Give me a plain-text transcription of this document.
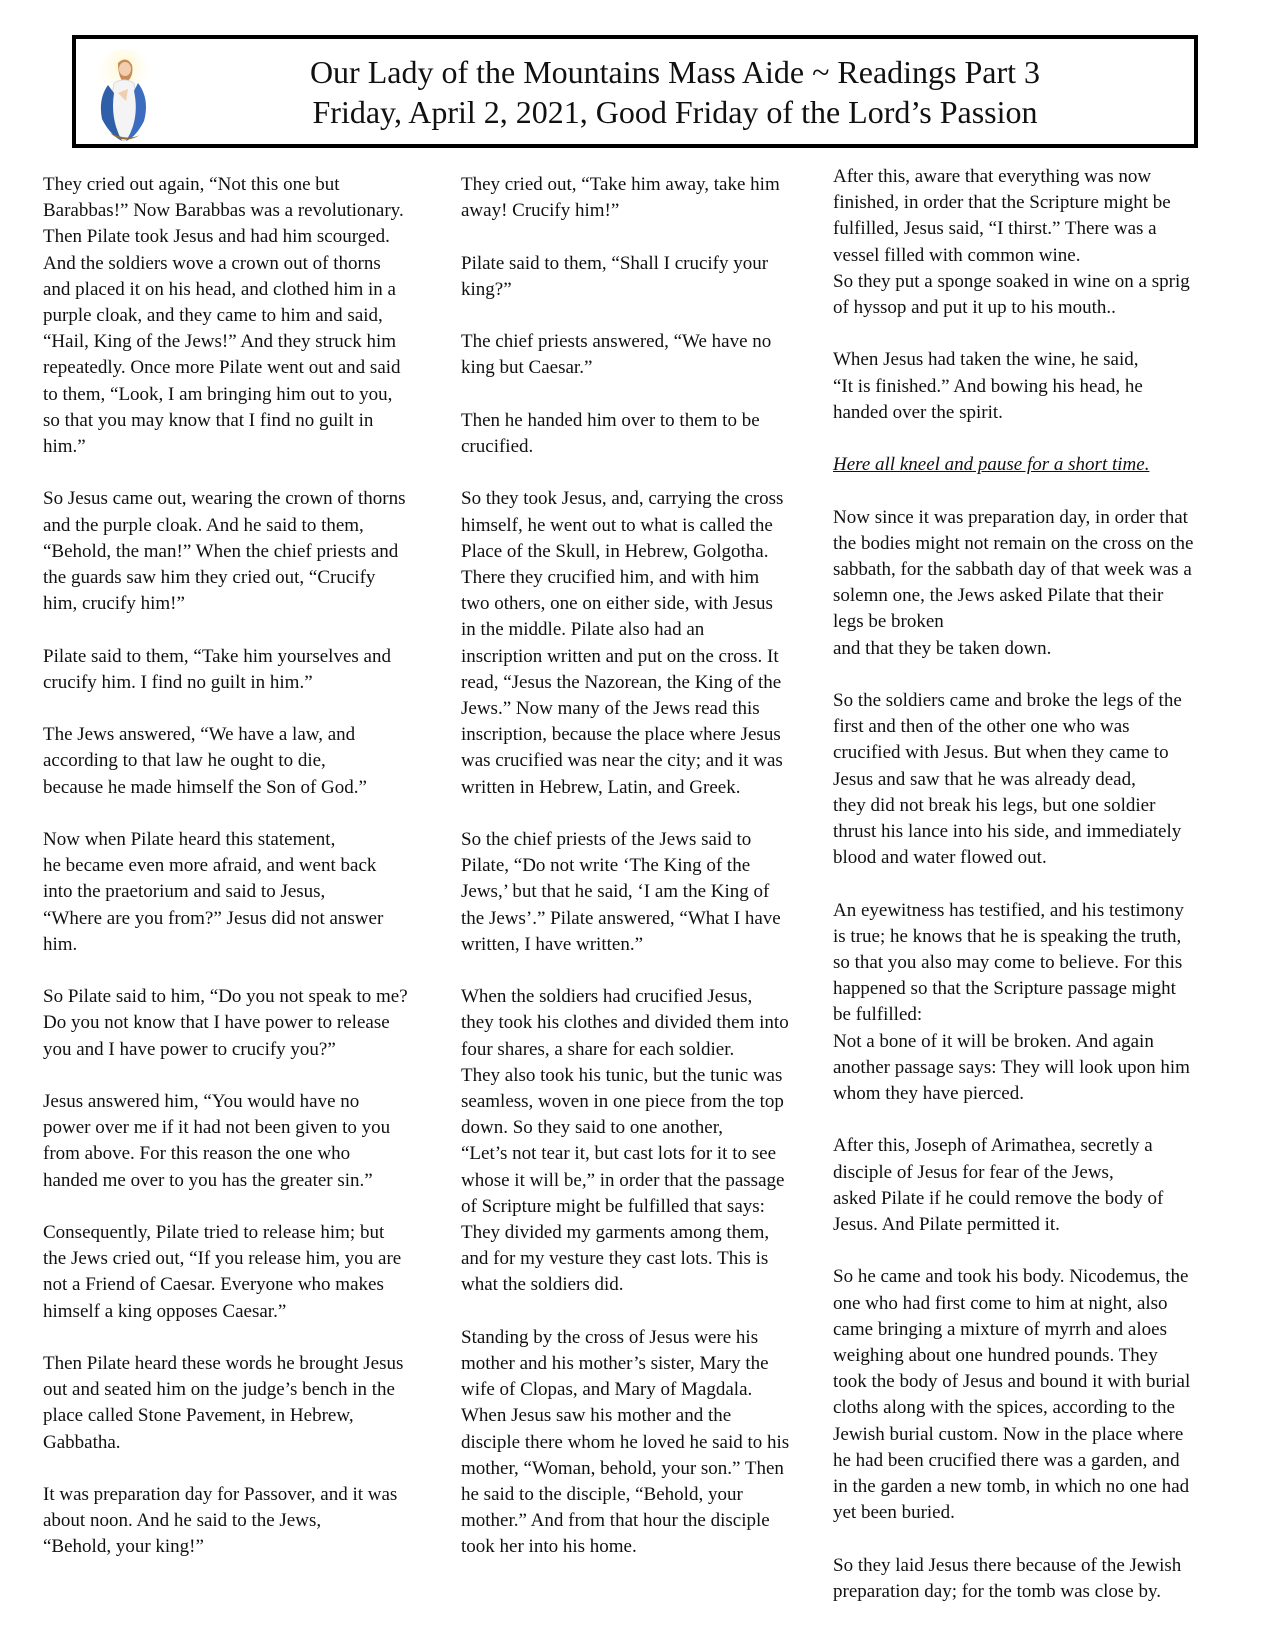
Our Lady of the Mountains Mass Aide ~ Readings Part 3
Friday, April 2, 2021, Good Friday of the Lord’s Passion

They cried out again, “Not this one but
Barabbas!” Now Barabbas was a revolutionary.
Then Pilate took Jesus and had him scourged.
And the soldiers wove a crown out of thorns
and placed it on his head, and clothed him in a
purple cloak, and they came to him and said,
“Hail, King of the Jews!” And they struck him
repeatedly. Once more Pilate went out and said
to them, “Look, I am bringing him out to you,
so that you may know that I find no guilt in
him.”

So Jesus came out, wearing the crown of thorns
and the purple cloak. And he said to them,
“Behold, the man!” When the chief priests and
the guards saw him they cried out, “Crucify
him, crucify him!”

Pilate said to them, “Take him yourselves and
crucify him. I find no guilt in him.”

The Jews answered, “We have a law, and
according to that law he ought to die,
because he made himself the Son of God.”

Now when Pilate heard this statement,
he became even more afraid, and went back
into the praetorium and said to Jesus,
“Where are you from?” Jesus did not answer
him.

So Pilate said to him, “Do you not speak to me?
Do you not know that I have power to release
you and I have power to crucify you?”

Jesus answered him, “You would have no
power over me if it had not been given to you
from above. For this reason the one who
handed me over to you has the greater sin.”

Consequently, Pilate tried to release him; but
the Jews cried out, “If you release him, you are
not a Friend of Caesar. Everyone who makes
himself a king opposes Caesar.”

Then Pilate heard these words he brought Jesus
out and seated him on the judge’s bench in the
place called Stone Pavement, in Hebrew,
Gabbatha.

It was preparation day for Passover, and it was
about noon. And he said to the Jews,
“Behold, your king!”

They cried out, “Take him away, take him
away! Crucify him!”

Pilate said to them, “Shall I crucify your
king?”

The chief priests answered, “We have no
king but Caesar.”

Then he handed him over to them to be
crucified.

So they took Jesus, and, carrying the cross
himself, he went out to what is called the
Place of the Skull, in Hebrew, Golgotha.
There they crucified him, and with him
two others, one on either side, with Jesus
in the middle. Pilate also had an
inscription written and put on the cross. It
read, “Jesus the Nazorean, the King of the
Jews.” Now many of the Jews read this
inscription, because the place where Jesus
was crucified was near the city; and it was
written in Hebrew, Latin, and Greek.

So the chief priests of the Jews said to
Pilate, “Do not write ‘The King of the
Jews,’ but that he said, ‘I am the King of
the Jews’.” Pilate answered, “What I have
written, I have written.”

When the soldiers had crucified Jesus,
they took his clothes and divided them into
four shares, a share for each soldier.
They also took his tunic, but the tunic was
seamless, woven in one piece from the top
down. So they said to one another,
“Let’s not tear it, but cast lots for it to see
whose it will be,” in order that the passage
of Scripture might be fulfilled that says:
They divided my garments among them,
and for my vesture they cast lots. This is
what the soldiers did.

Standing by the cross of Jesus were his
mother and his mother’s sister, Mary the
wife of Clopas, and Mary of Magdala.
When Jesus saw his mother and the
disciple there whom he loved he said to his
mother, “Woman, behold, your son.” Then
he said to the disciple, “Behold, your
mother.” And from that hour the disciple
took her into his home.

After this, aware that everything was now
finished, in order that the Scripture might be
fulfilled, Jesus said, “I thirst.” There was a
vessel filled with common wine.
So they put a sponge soaked in wine on a sprig
of hyssop and put it up to his mouth..

When Jesus had taken the wine, he said,
“It is finished.” And bowing his head, he
handed over the spirit.

Here all kneel and pause for a short time.

Now since it was preparation day, in order that
the bodies might not remain on the cross on the
sabbath, for the sabbath day of that week was a
solemn one, the Jews asked Pilate that their
legs be broken
and that they be taken down.

So the soldiers came and broke the legs of the
first and then of the other one who was
crucified with Jesus. But when they came to
Jesus and saw that he was already dead,
they did not break his legs, but one soldier
thrust his lance into his side, and immediately
blood and water flowed out.

An eyewitness has testified, and his testimony
is true; he knows that he is speaking the truth,
so that you also may come to believe. For this
happened so that the Scripture passage might
be fulfilled:
Not a bone of it will be broken. And again
another passage says: They will look upon him
whom they have pierced.

After this, Joseph of Arimathea, secretly a
disciple of Jesus for fear of the Jews,
asked Pilate if he could remove the body of
Jesus. And Pilate permitted it.

So he came and took his body. Nicodemus, the
one who had first come to him at night, also
came bringing a mixture of myrrh and aloes
weighing about one hundred pounds. They
took the body of Jesus and bound it with burial
cloths along with the spices, according to the
Jewish burial custom. Now in the place where
he had been crucified there was a garden, and
in the garden a new tomb, in which no one had
yet been buried.

So they laid Jesus there because of the Jewish
preparation day; for the tomb was close by.
